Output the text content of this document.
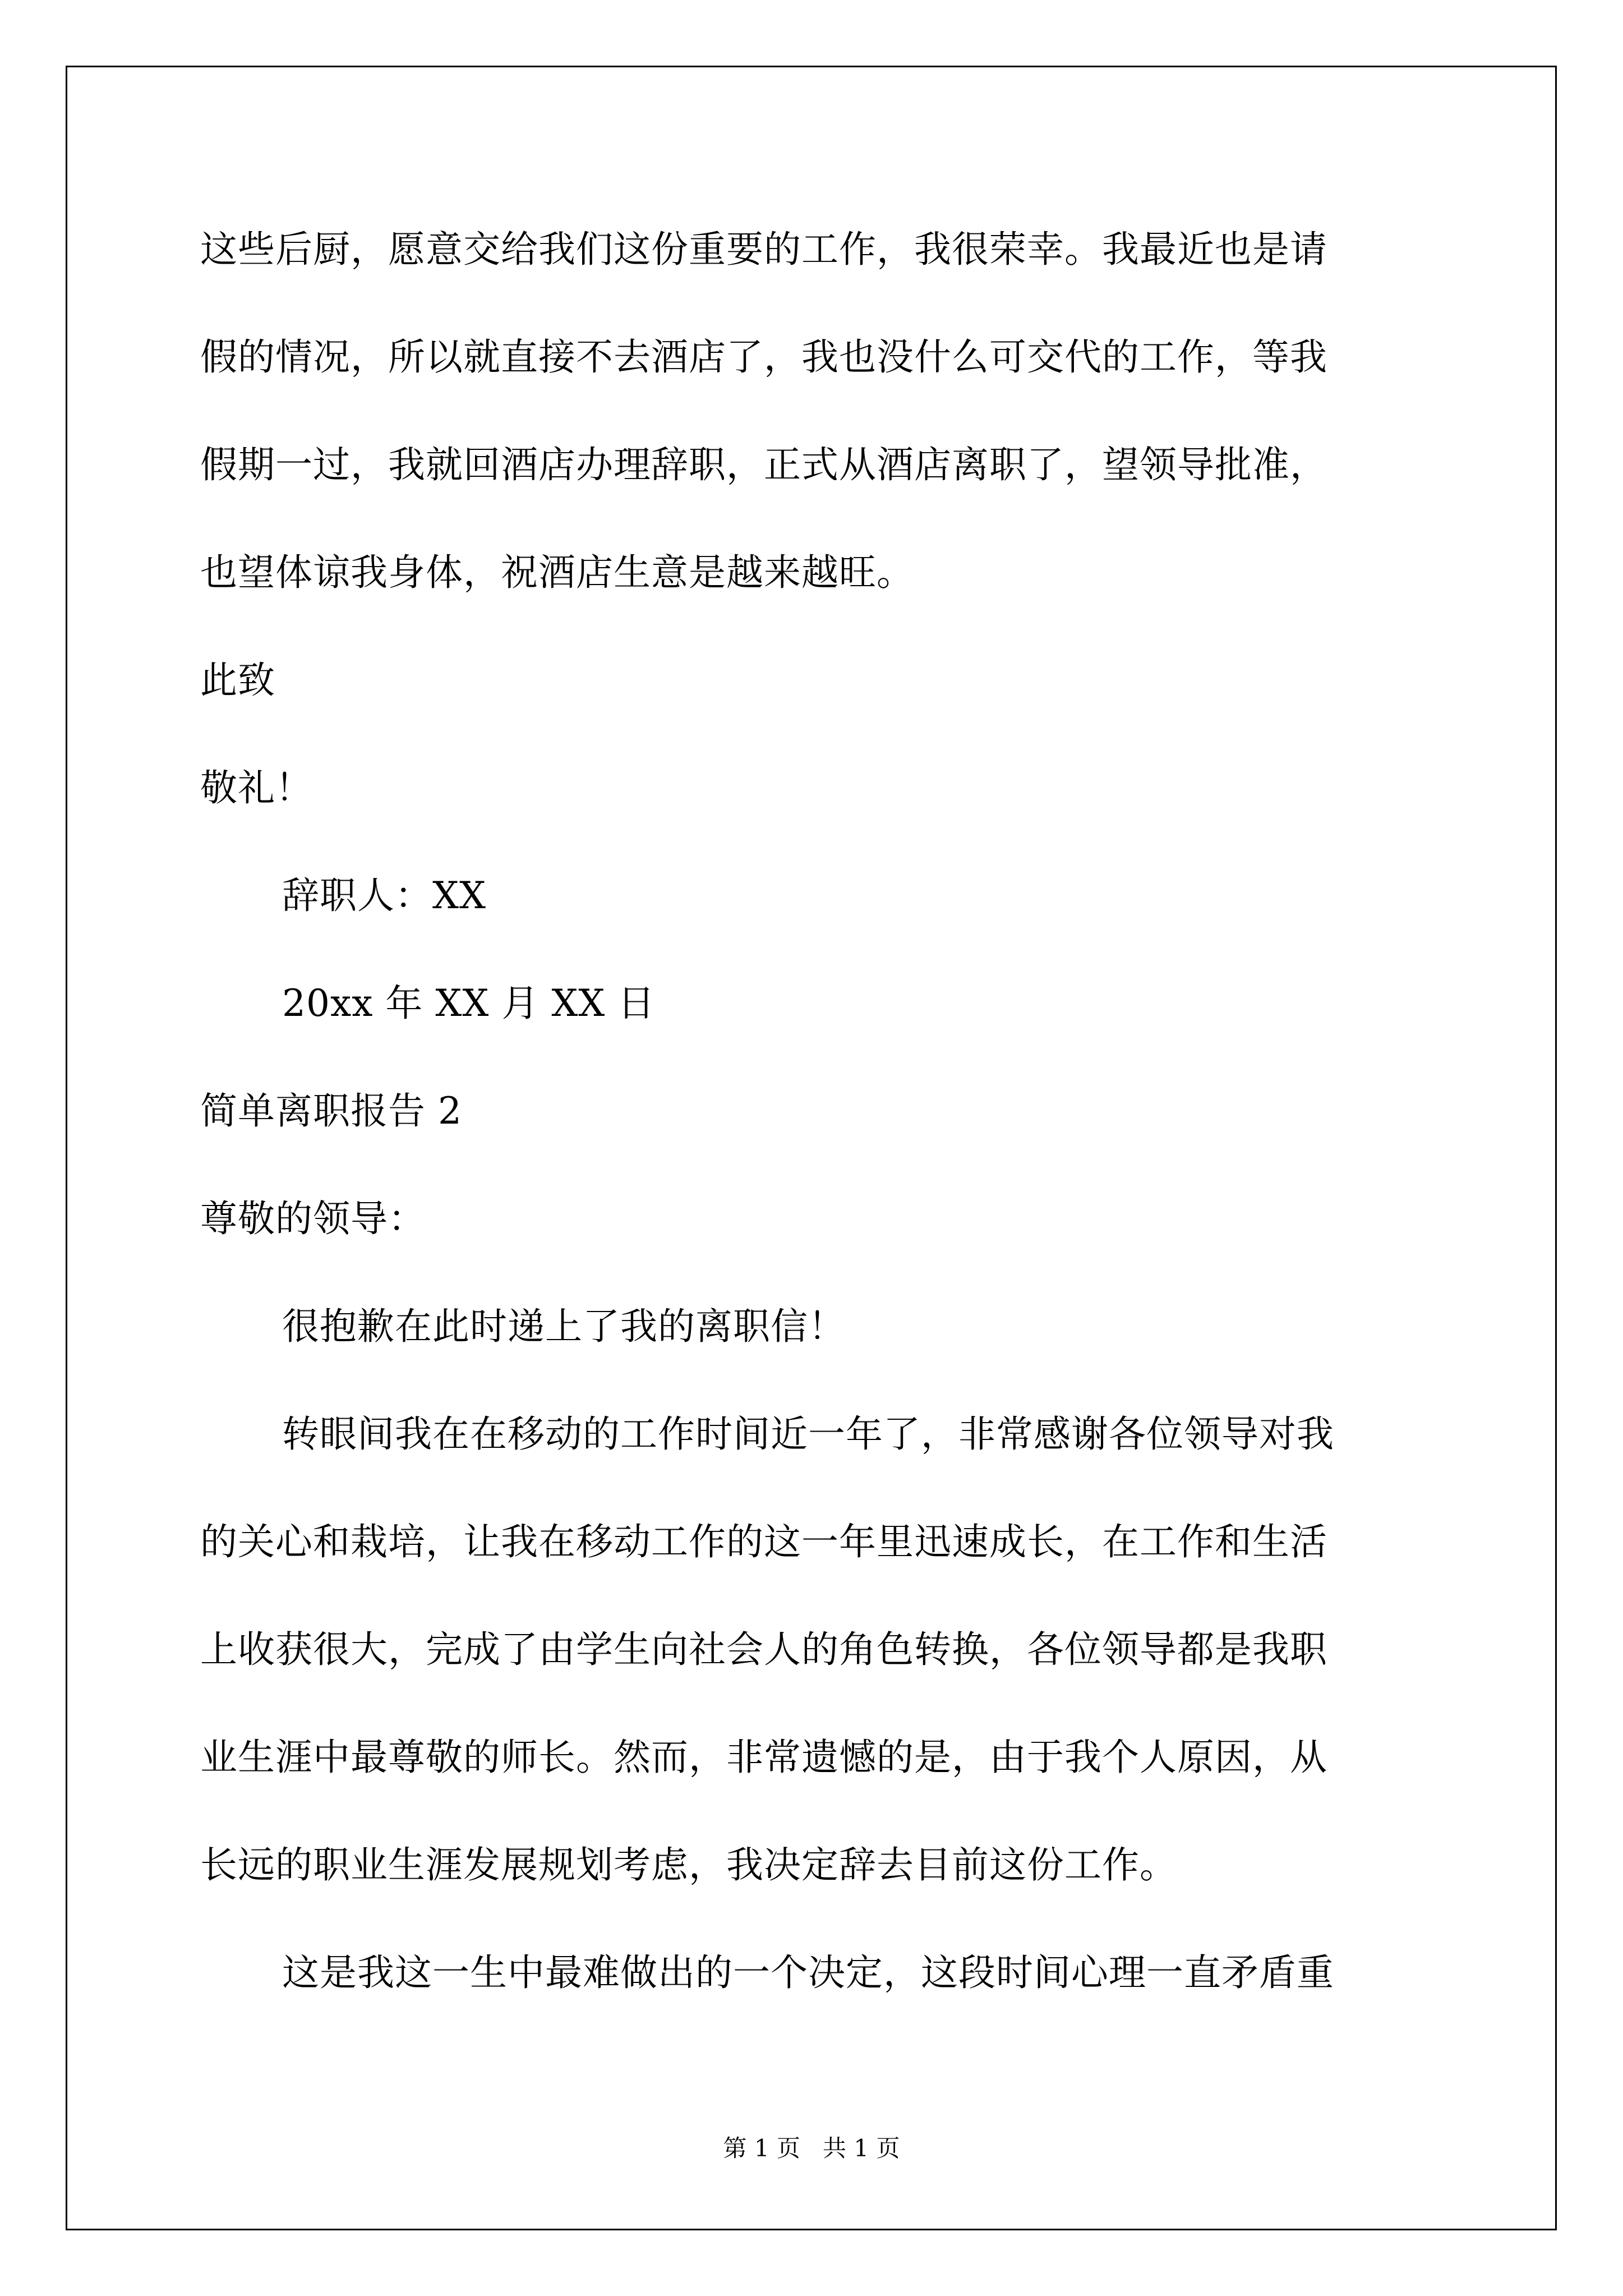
这些后厨，愿意交给我们这份重要的工作，我很荣幸。我最近也是请
假的情况，所以就直接不去酒店了，我也没什么可交代的工作，等我
假期一过，我就回酒店办理辞职，正式从酒店离职了，望领导批准，
也望体谅我身体，祝酒店生意是越来越旺。
此致
敬礼！
辞职人：XX
20xx 年 XX 月 XX 日
简单离职报告 2
尊敬的领导：
很抱歉在此时递上了我的离职信！
转眼间我在在移动的工作时间近一年了，非常感谢各位领导对我
的关心和栽培，让我在移动工作的这一年里迅速成长，在工作和生活
上收获很大，完成了由学生向社会人的角色转换，各位领导都是我职
业生涯中最尊敬的师长。然而，非常遗憾的是，由于我个人原因，从
长远的职业生涯发展规划考虑，我决定辞去目前这份工作。
这是我这一生中最难做出的一个决定，这段时间心理一直矛盾重
第 1 页   共 1 页
